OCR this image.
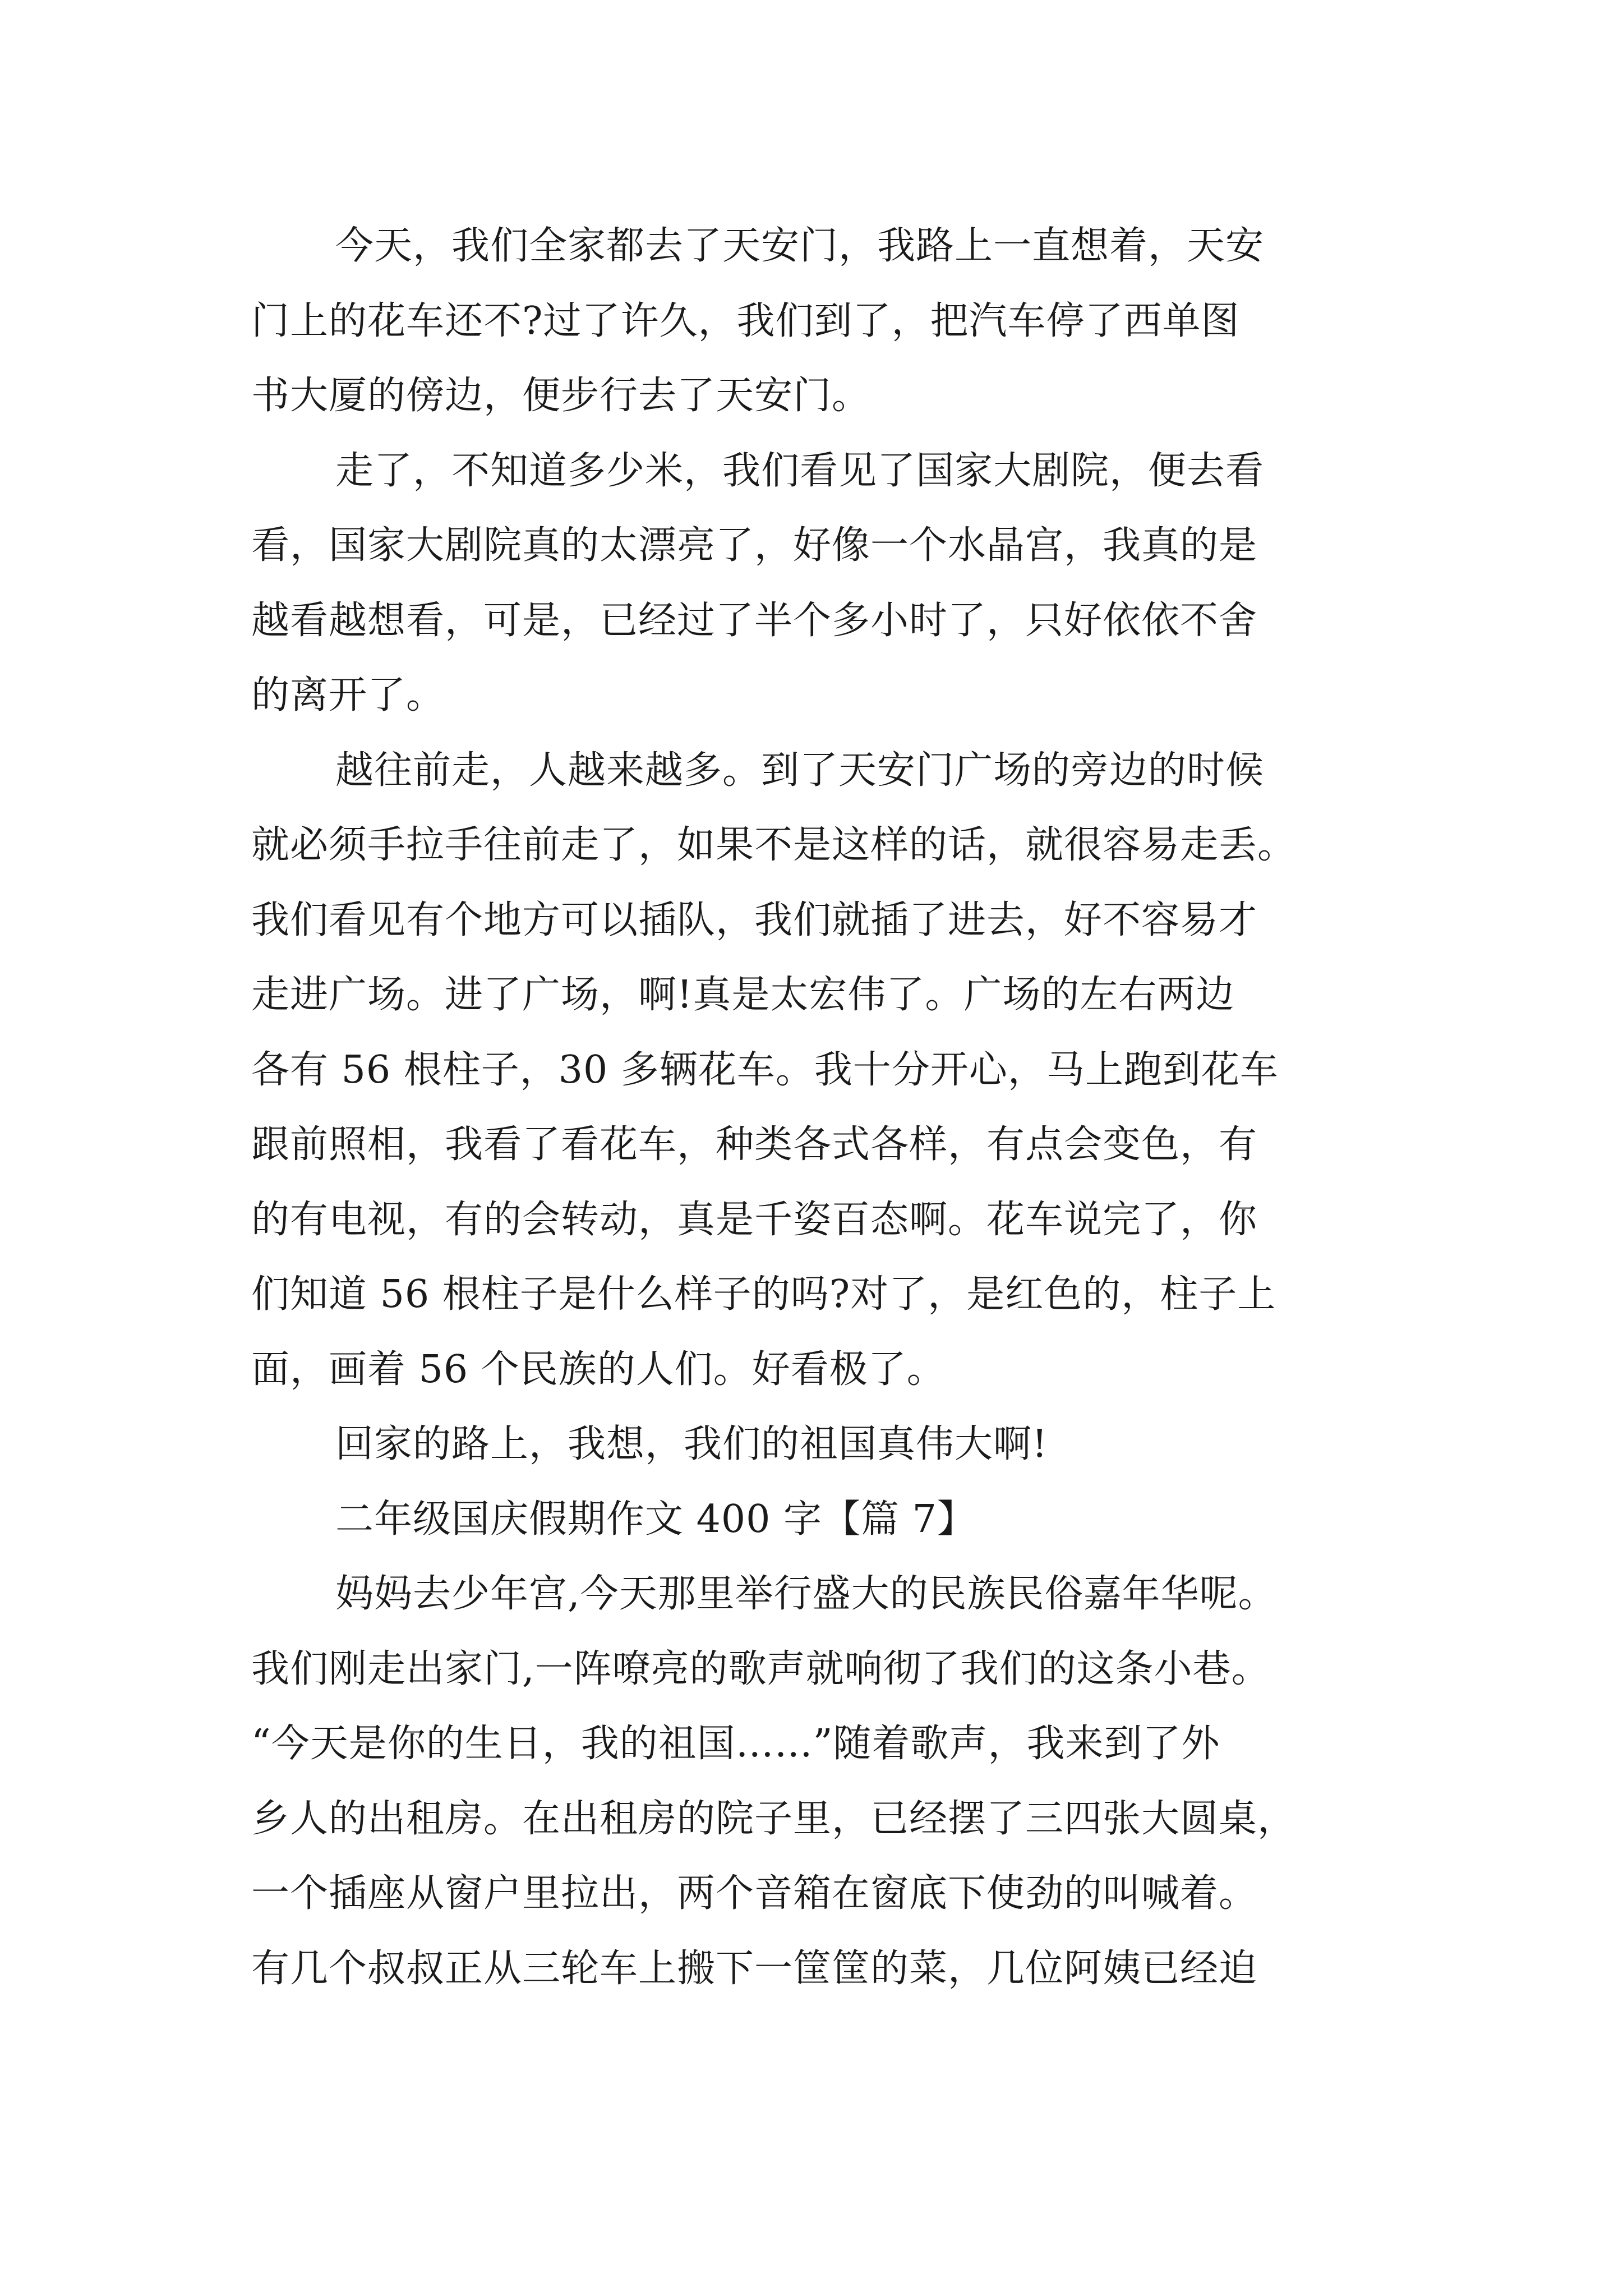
今天，我们全家都去了天安门，我路上一直想着，天安
门上的花车还不?过了许久，我们到了，把汽车停了西单图
书大厦的傍边，便步行去了天安门。
走了，不知道多少米，我们看见了国家大剧院，便去看
看，国家大剧院真的太漂亮了，好像一个水晶宫，我真的是
越看越想看，可是，已经过了半个多小时了，只好依依不舍
的离开了。
越往前走，人越来越多。到了天安门广场的旁边的时候
就必须手拉手往前走了，如果不是这样的话，就很容易走丢。
我们看见有个地方可以插队，我们就插了进去，好不容易才
走进广场。进了广场，啊!真是太宏伟了。广场的左右两边
各有 56 根柱子，30 多辆花车。我十分开心，马上跑到花车
跟前照相，我看了看花车，种类各式各样，有点会变色，有
的有电视，有的会转动，真是千姿百态啊。花车说完了，你
们知道 56 根柱子是什么样子的吗?对了，是红色的，柱子上
面，画着 56 个民族的人们。好看极了。
回家的路上，我想，我们的祖国真伟大啊!
二年级国庆假期作文 400 字【篇 7】
妈妈去少年宫,今天那里举行盛大的民族民俗嘉年华呢。
我们刚走出家门,一阵嘹亮的歌声就响彻了我们的这条小巷。
“今天是你的生日，我的祖国……”随着歌声，我来到了外
乡人的出租房。在出租房的院子里，已经摆了三四张大圆桌，
一个插座从窗户里拉出，两个音箱在窗底下使劲的叫喊着。
有几个叔叔正从三轮车上搬下一筐筐的菜，几位阿姨已经迫
